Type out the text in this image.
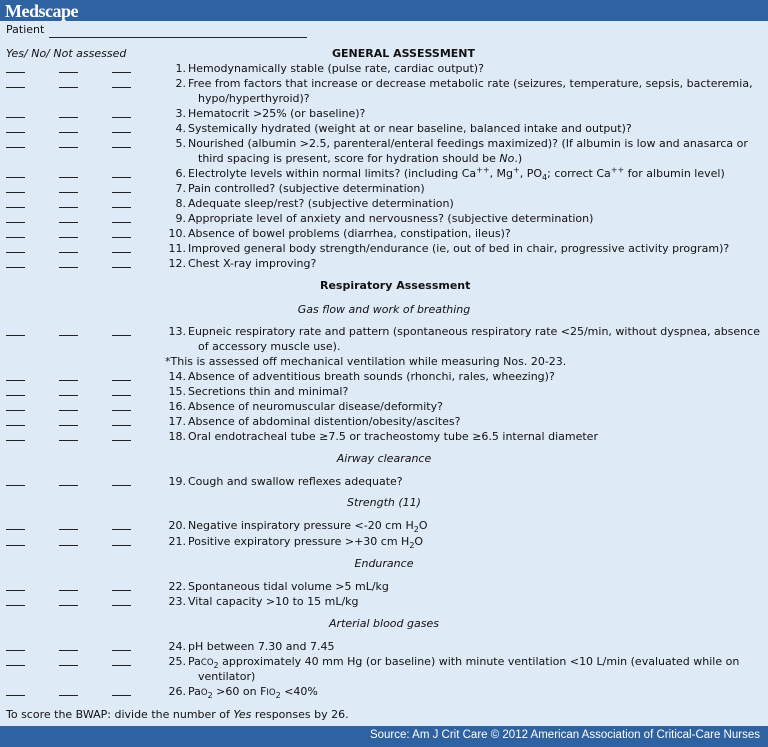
Medscape
Patient
Yes/ No/ Not assessed	GENERAL ASSESSMENT
1. Hemodynamically stable (pulse rate, cardiac output)?
2. Free from factors that increase or decrease metabolic rate (seizures, temperature, sepsis, bacteremia,
hypo/hyperthyroid)?
3. Hematocrit >25% (or baseline)?
4. Systemically hydrated (weight at or near baseline, balanced intake and output)?
5. Nourished (albumin >2.5, parenteral/enteral feedings maximized)? (If albumin is low and anasarca or
third spacing is present, score for hydration should be No.)
6. Electrolyte levels within normal limits? (including Ca++, Mg+, $PO_4$; correct Ca++ for albumin level)
7. Pain controlled? (subjective determination)
8. Adequate sleep/rest? (subjective determination)
9. Appropriate level of anxiety and nervousness? (subjective determination)
10. Absence of bowel problems (diarrhea, constipation, ileus)?
11. Improved general body strength/endurance (ie, out of bed in chair, progressive activity program)?
12. Chest X-ray improving?
Respiratory Assessment
Gas flow and work of breathing
13. Eupneic respiratory rate and pattern (spontaneous respiratory rate <25/min, without dyspnea, absence
of accessory muscle use).
*This is assessed off mechanical ventilation while measuring Nos. 20-23.
14. Absence of adventitious breath sounds (rhonchi, rales, wheezing)?
15. Secretions thin and minimal?
16. Absence of neuromuscular disease/deformity?
17. Absence of abdominal distention/obesity/ascites?
18. Oral endotracheal tube ≥7.5 or tracheostomy tube ≥6.5 internal diameter
Airway clearance
19. Cough and swallow reflexes adequate?
Strength (11)
20. Negative inspiratory pressure <-20 cm $H_2O$
21. Positive expiratory pressure >+30 cm $H_2O$
Endurance
22. Spontaneous tidal volume >5 mL/kg
23. Vital capacity >10 to 15 mL/kg
Arterial blood gases
24. pH between 7.30 and 7.45
25. PaCO$_2$ approximately 40 mm Hg (or baseline) with minute ventilation <10 L/min (evaluated while on
ventilator)
26. PaO$_2$ >60 on $FIO_2 <40\%$
To score the BWAP: divide the number of Yes responses by 26.
Source: Am J Crit Care © 2012 American Association of Critical-Care Nurses
